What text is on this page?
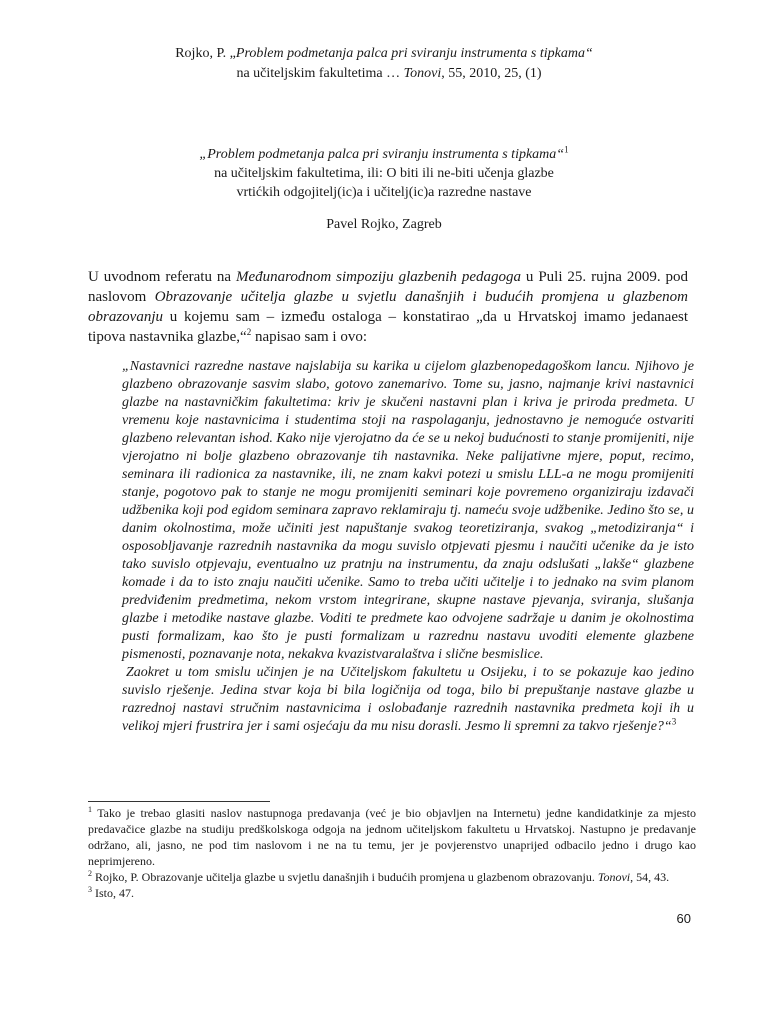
Rojko, P. „Problem podmetanja palca pri sviranju instrumenta s tipkama“
na učiteljskim fakultetima … Tonovi, 55, 2010, 25, (1)
„Problem podmetanja palca pri sviranju instrumenta s tipkama“$^1$
na učiteljskim fakultetima, ili: O biti ili ne-biti učenja glazbe
vrtićkih odgojitelj(ic)a i učitelj(ic)a razredne nastave
Pavel Rojko, Zagreb
U uvodnom referatu na Međunarodnom simpoziju glazbenih pedagoga u Puli 25. rujna 2009. pod naslovom Obrazovanje učitelja glazbe u svjetlu današnjih i budućih promjena u glazbenom obrazovanju u kojemu sam – između ostaloga – konstatirao „da u Hrvatskoj imamo jedanaest tipova nastavnika glazbe,“$^2$ napisao sam i ovo:

„Nastavnici razredne nastave najslabija su karika u cijelom glazbenopedagoškom lancu. Njihovo je glazbeno obrazovanje sasvim slabo, gotovo zanemarivo. Tome su, jasno, najmanje krivi nastavnici glazbe na nastavničkim fakultetima: kriv je skučeni nastavni plan i kriva je priroda predmeta. U vremenu koje nastavnicima i studentima stoji na raspolaganju, jednostavno je nemoguće ostvariti glazbeno relevantan ishod. Kako nije vjerojatno da će se u nekoj budućnosti to stanje promijeniti, nije vjerojatno ni bolje glazbeno obrazovanje tih nastavnika. Neke palijativne mjere, poput, recimo, seminara ili radionica za nastavnike, ili, ne znam kakvi potezi u smislu LLL-a ne mogu promijeniti stanje, pogotovo pak to stanje ne mogu promijeniti seminari koje povremeno organiziraju izdavači udžbenika koji pod egidom seminara zapravo reklamiraju tj. nameću svoje udžbenike. Jedino što se, u danim okolnostima, može učiniti jest napuštanje svakog teoretiziranja, svakog „metodiziranja“ i osposobljavanje razrednih nastavnika da mogu suvislo otpjevati pjesmu i naučiti učenike da je isto tako suvislo otpjevaju, eventualno uz pratnju na instrumentu, da znaju odslušati „lakše“ glazbene komade i da to isto znaju naučiti učenike. Samo to treba učiti učitelje i to jednako na svim planom predviđenim predmetima, nekom vrstom integrirane, skupne nastave pjevanja, sviranja, slušanja glazbe i metodike nastave glazbe. Voditi te predmete kao odvojene sadržaje u danim je okolnostima pusti formalizam, kao što je pusti formalizam u razrednu nastavu uvoditi elemente glazbene pismenosti, poznavanje nota, nekakva kvazistvaralaštva i slične besmislice.

Zaokret u tom smislu učinjen je na Učiteljskom fakultetu u Osijeku, i to se pokazuje kao jedino suvislo rješenje. Jedina stvar koja bi bila logičnija od toga, bilo bi prepuštanje nastave glazbe u razrednoj nastavi stručnim nastavnicima i oslobađanje razrednih nastavnika predmeta koji ih u velikoj mjeri frustrira jer i sami osjećaju da mu nisu dorasli. Jesmo li spremni za takvo rješenje?“$^3$

$^1$ Tako je trebao glasiti naslov nastupnoga predavanja (već je bio objavljen na Internetu) jedne kandidatkinje za mjesto predavačice glazbe na studiju predškolskoga odgoja na jednom učiteljskom fakultetu u Hrvatskoj. Nastupno je predavanje održano, ali, jasno, ne pod tim naslovom i ne na tu temu, jer je povjerenstvo unaprijed odbacilo jedno i drugo kao neprimjereno.

$^2$ Rojko, P. Obrazovanje učitelja glazbe u svjetlu današnjih i budućih promjena u glazbenom obrazovanju. Tonovi, 54, 43.

$^3$ Isto, 47.

60
